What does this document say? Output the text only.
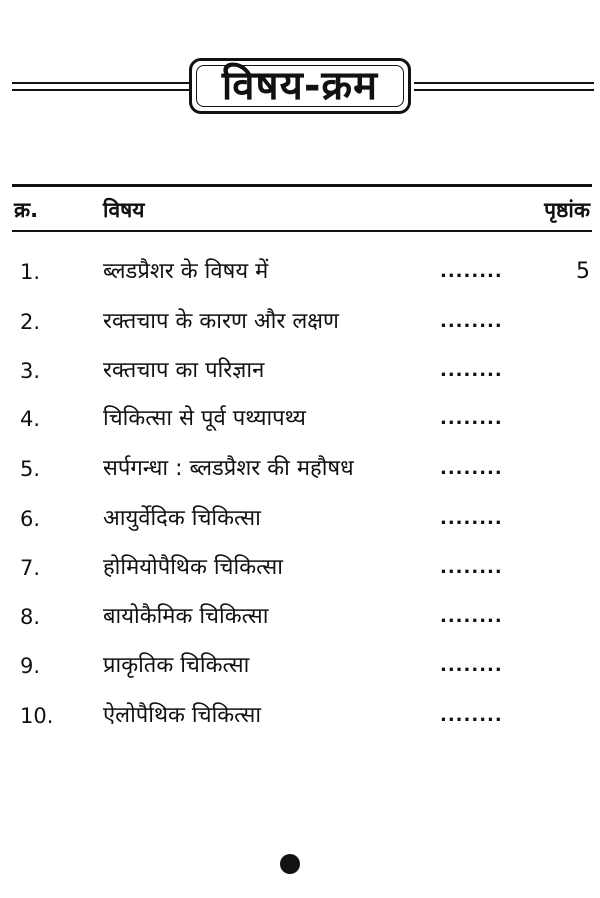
विषय-क्रम
क्र.	विषय	पृष्ठांक
1.	ब्लडप्रैशर के विषय में	........	5
2.	रक्तचाप के कारण और लक्षण	........
3.	रक्तचाप का परिज्ञान	........
4.	चिकित्सा से पूर्व पथ्यापथ्य	........
5.	सर्पगन्धा : ब्लडप्रैशर की महौषध	........
6.	आयुर्वेदिक चिकित्सा	........
7.	होमियोपैथिक चिकित्सा	........
8.	बायोकैमिक चिकित्सा	........
9.	प्राकृतिक चिकित्सा	........
10. ऐलोपैथिक चिकित्सा	........
